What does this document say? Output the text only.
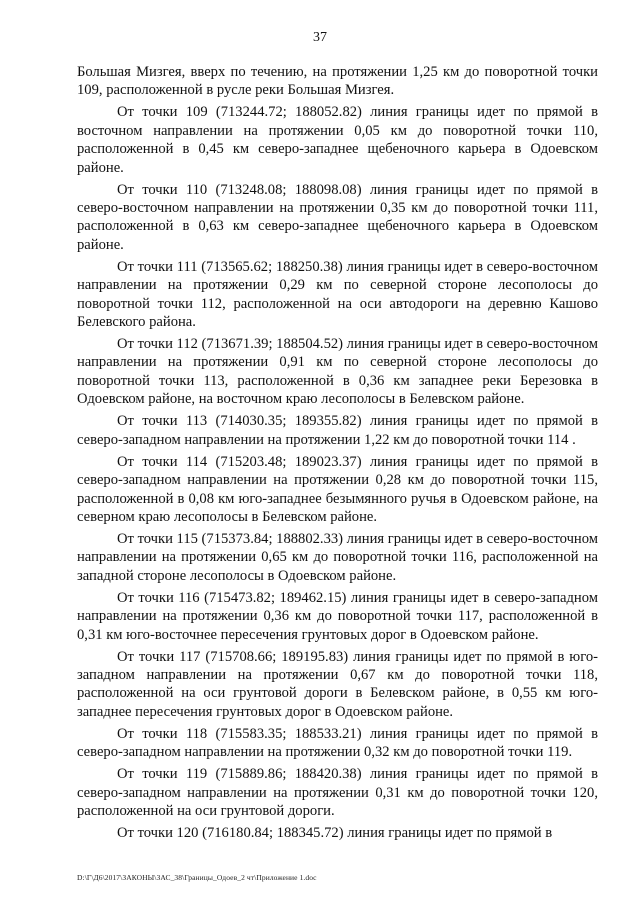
37

Большая Мизгея, вверх по течению, на протяжении 1,25 км до поворотной точки 109, расположенной в русле реки Большая Мизгея.

От точки 109 (713244.72; 188052.82) линия границы идет по прямой в восточном направлении на протяжении 0,05 км до поворотной точки 110, расположенной в 0,45 км северо-западнее щебеночного карьера в Одоевском районе.

От точки 110 (713248.08; 188098.08) линия границы идет по прямой в северо-восточном направлении на протяжении 0,35 км до поворотной точки 111, расположенной в 0,63 км северо-западнее щебеночного карьера в Одоевском районе.

От точки 111 (713565.62; 188250.38) линия границы идет в северо-восточном направлении на протяжении 0,29 км по северной стороне лесополосы до поворотной точки 112, расположенной на оси автодороги на деревню Кашово Белевского района.

От точки 112 (713671.39; 188504.52) линия границы идет в северо-восточном направлении на протяжении 0,91 км по северной стороне лесополосы до поворотной точки 113, расположенной в 0,36 км западнее реки Березовка в Одоевском районе, на восточном краю лесополосы в Белевском районе.

От точки 113 (714030.35; 189355.82) линия границы идет по прямой в северо-западном направлении на протяжении 1,22 км до поворотной точки 114 .

От точки 114 (715203.48; 189023.37) линия границы идет по прямой в северо-западном направлении на протяжении 0,28 км до поворотной точки 115, расположенной в 0,08 км юго-западнее безымянного ручья в Одоевском районе, на северном краю лесополосы в Белевском районе.

От точки 115 (715373.84; 188802.33) линия границы идет в северо-восточном направлении на протяжении 0,65 км до поворотной точки 116, расположенной на западной стороне лесополосы в Одоевском районе.

От точки 116 (715473.82; 189462.15) линия границы идет в северо-западном направлении на протяжении 0,36 км до поворотной точки 117, расположенной в 0,31 км юго-восточнее пересечения грунтовых дорог в Одоевском районе.

От точки 117 (715708.66; 189195.83) линия границы идет по прямой в юго-западном направлении на протяжении 0,67 км до поворотной точки 118, расположенной на оси грунтовой дороги в Белевском районе, в 0,55 км юго-западнее пересечения грунтовых дорог в Одоевском районе.

От точки 118 (715583.35; 188533.21) линия границы идет по прямой в северо-западном направлении на протяжении 0,32 км до поворотной точки 119.

От точки 119 (715889.86; 188420.38) линия границы идет по прямой в северо-западном направлении на протяжении 0,31 км до поворотной точки 120, расположенной на оси грунтовой дороги.

От точки 120 (716180.84; 188345.72) линия границы идет по прямой в

D:\Г\Д6\2017\ЗАКОНЫ\ЗАС_38\Границы_Одоев_2 чт\Приложение 1.doc
